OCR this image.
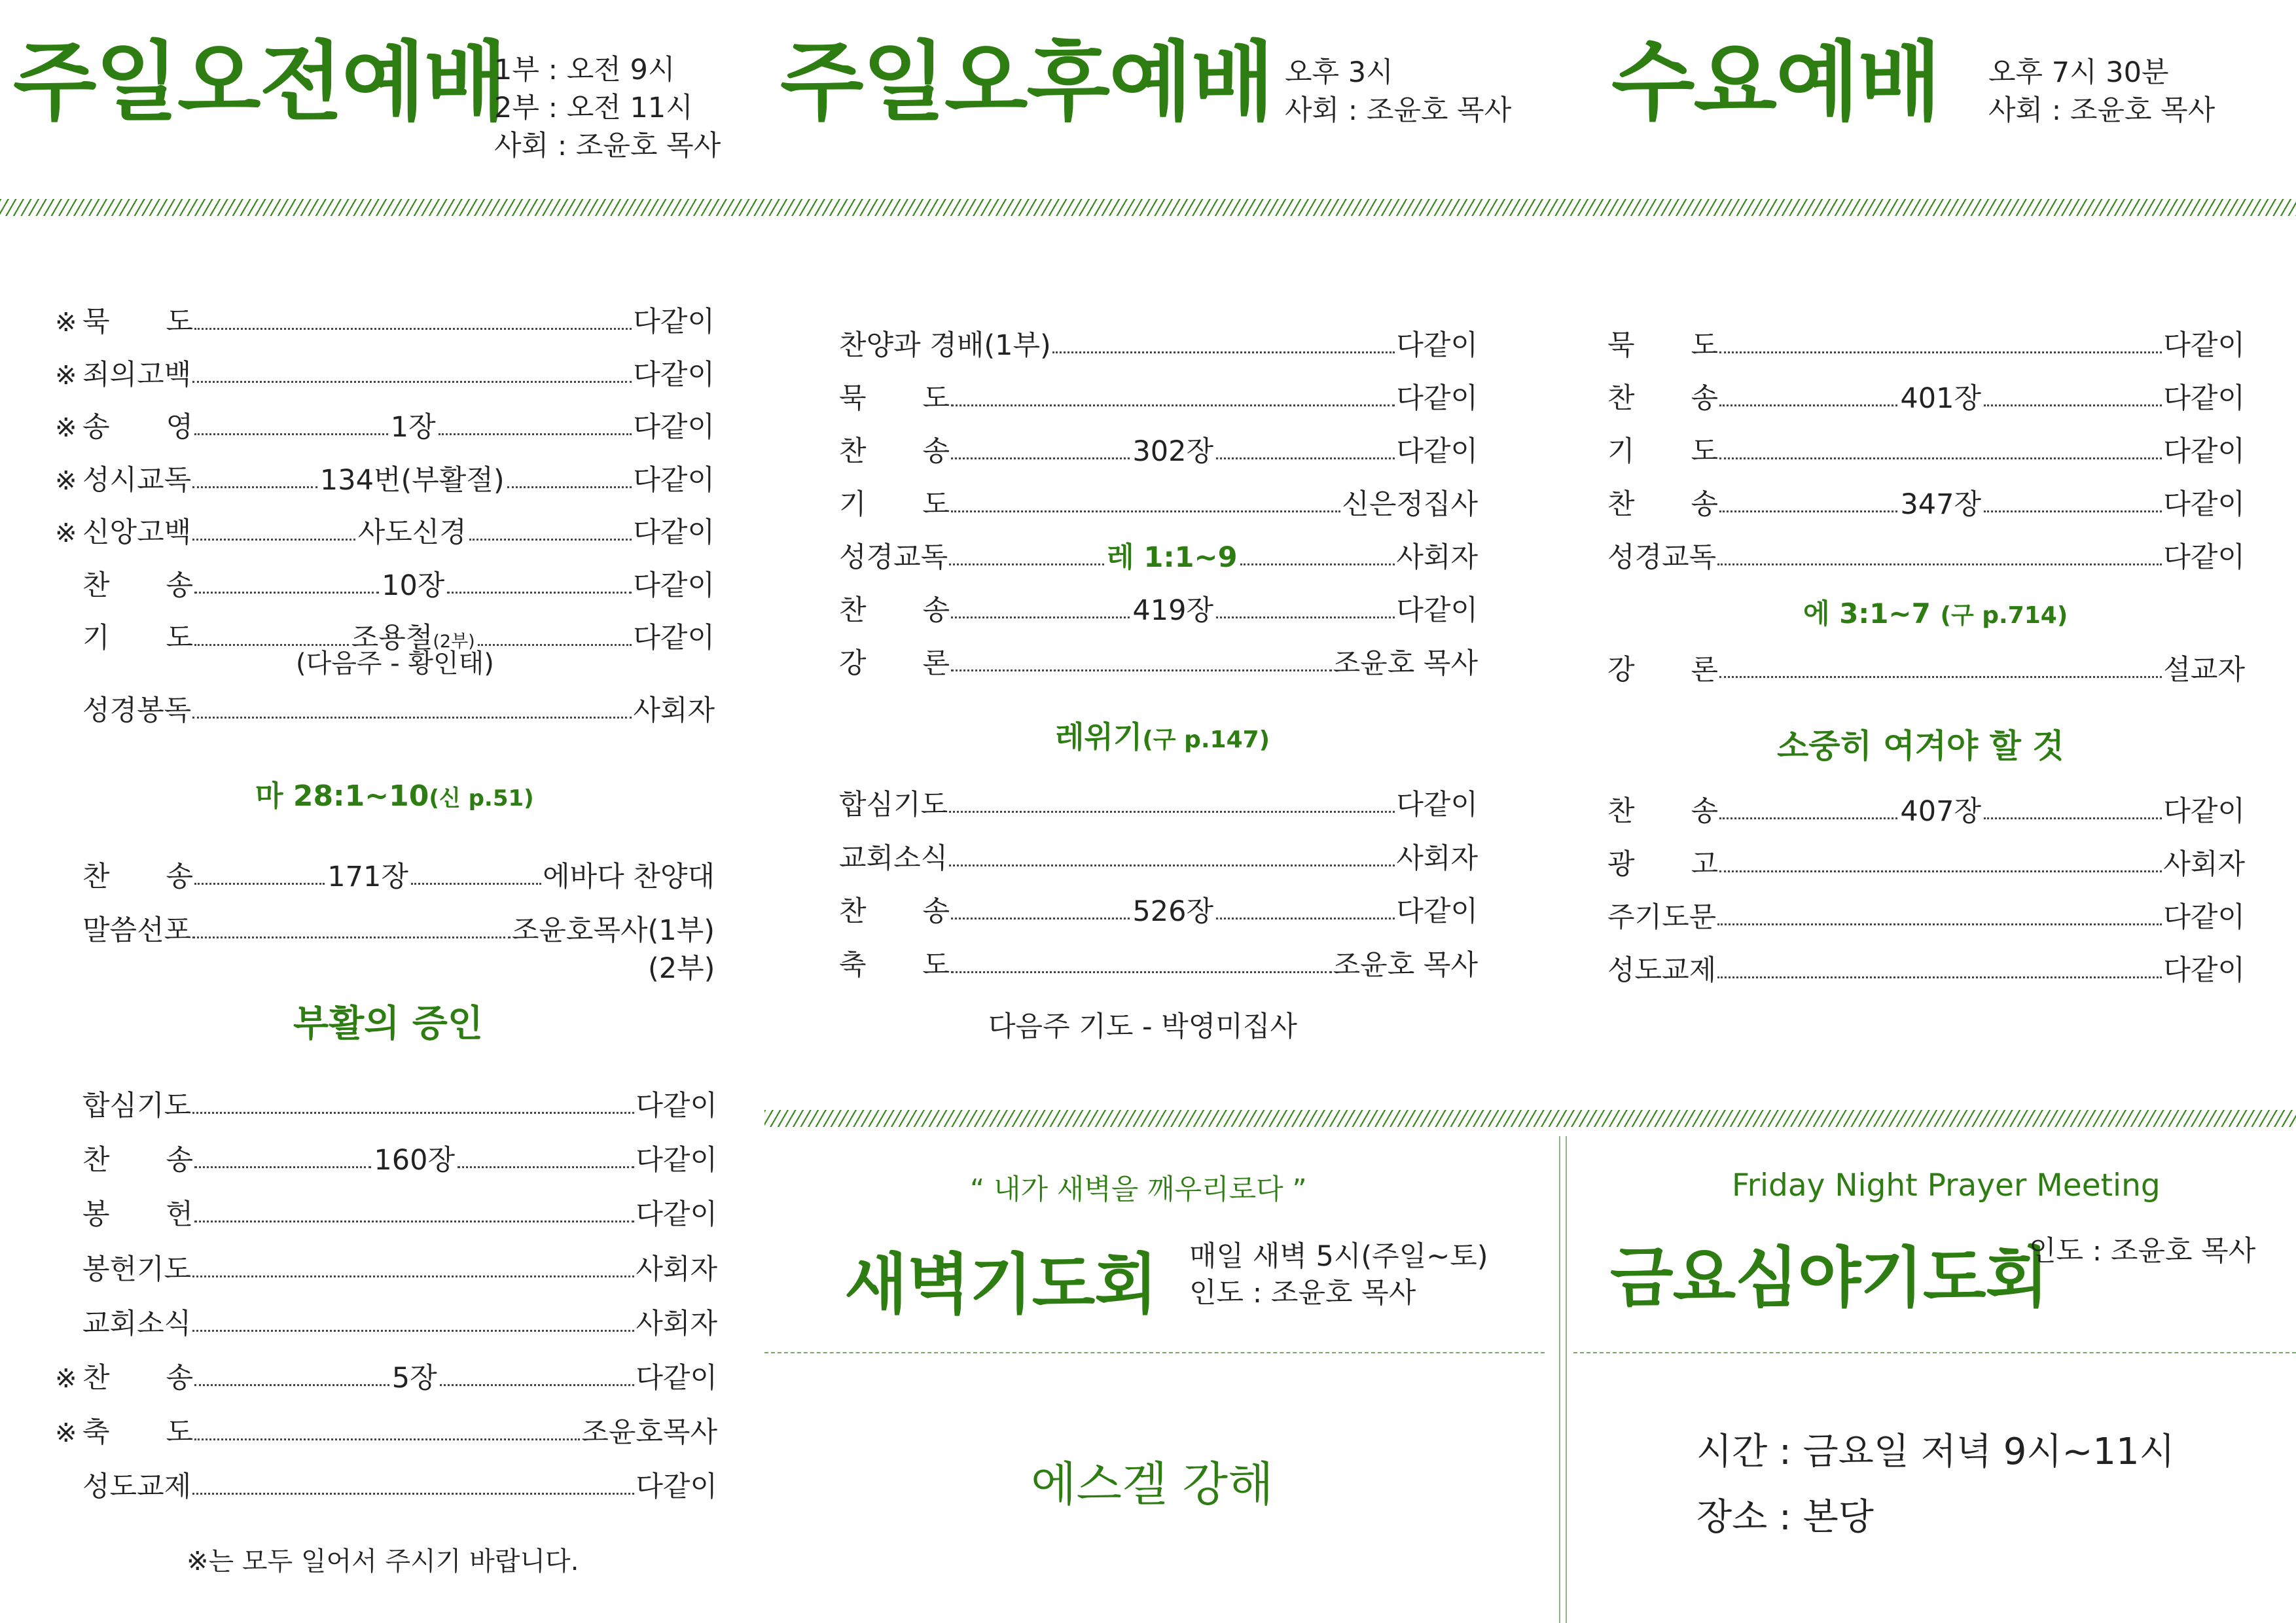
주일오전예배
1부 : 오전 9시
2부 : 오전 11시
사회 : 조윤호 목사
주일오후예배 오후 3시
사회 : 조윤호 목사 수요예배 오후 7시 30분
사회 : 조윤호 목사
※ 묵　　도	다같이
※ 죄의고백	다같이
※ 송　　영	1장	다같이
※ 성시교독	134번(부활절)	다같이
※ 신앙고백	사도신경	다같이
찬　　송	10장	다같이
기　　도	조용철(2부)	다같이
(다음주 - 황인태)
성경봉독	사회자
마 28:1~10(신 p.51)
찬　　송	171장	에바다 찬양대
말씀선포	조윤호목사(1부)
(2부)
부활의 증인
합심기도	다같이
찬　　송	160장	다같이
봉　　헌	다같이
봉헌기도	사회자
교회소식	사회자
※ 찬　　송	5장	다같이
※ 축　　도	조윤호목사
성도교제	다같이
※는 모두 일어서 주시기 바랍니다.
찬양과 경배(1부)	다같이
묵　　도	다같이
찬　　송	302장	다같이
기　　도	신은정집사
성경교독	레 1:1~9	사회자
찬　　송	419장	다같이
강　　론	조윤호 목사
레위기(구 p.147)
합심기도	다같이
교회소식	사회자
찬　　송	526장	다같이
축　　도	조윤호 목사
다음주 기도 - 박영미집사
묵　　도	다같이
찬　　송	401장	다같이
기　　도	다같이
찬　　송	347장	다같이
성경교독	다같이
에 3:1~7 (구 p.714)
강　　론	설교자
소중히 여겨야 할 것
찬　　송	407장	다같이
광　　고	사회자
주기도문	다같이
성도교제	다같이
“ 내가 새벽을 깨우리로다 ”
새벽기도회 매일 새벽 5시(주일~토)
인도 : 조윤호 목사
에스겔 강해
Friday Night Prayer Meeting
금요심야기도회
인도 : 조윤호 목사
시간 : 금요일 저녁 9시~11시
장소 : 본당
